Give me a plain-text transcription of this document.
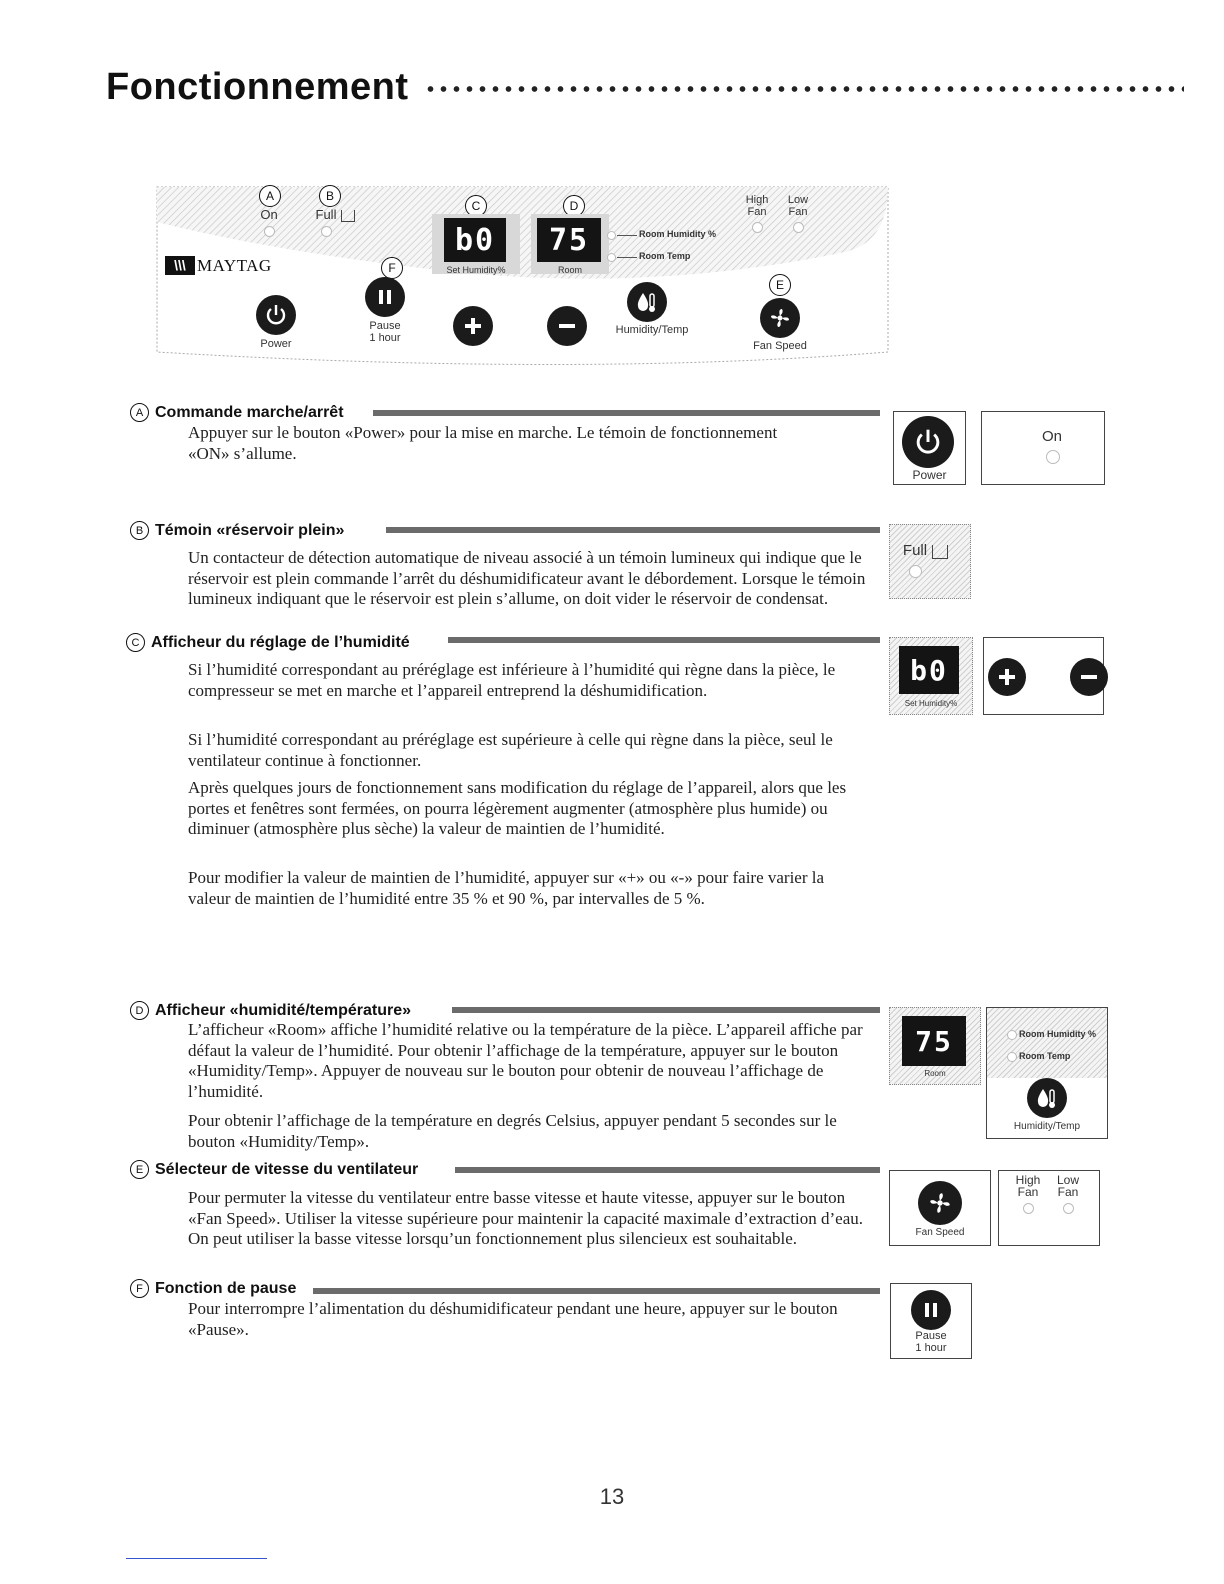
Fonctionnement
A	B
C	D
F
E
On	Full
High
Fan
Low
Fan
\\\ MAYTAG
b0
Set Humidity%
75
Room
Room Humidity %
Room Temp
Power
Pause
1 hour
Humidity/Temp
Fan Speed
A Commande marche/arrêt
Appuyer sur le bouton «Power» pour la mise en marche. Le témoin de fonctionnement «ON» s’allume.
Power
On
B Témoin «réservoir plein»
Un contacteur de détection automatique de niveau associé à un témoin lumineux qui indique que le réservoir est plein commande l’arrêt du déshumidificateur avant le débordement. Lorsque le témoin lumineux indiquant que le réservoir est plein s’allume, on doit vider le réservoir de condensat.
Full
C Afficheur du réglage de l’humidité
Si l’humidité correspondant au préréglage est inférieure à l’humidité qui règne dans la pièce, le compresseur se met en marche et l’appareil entreprend la déshumidification.
Si l’humidité correspondant au préréglage est supérieure à celle qui règne dans la pièce, seul le ventilateur continue à fonctionner.
Après quelques jours de fonctionnement sans modification du réglage de l’appareil, alors que les portes et fenêtres sont fermées, on pourra légèrement augmenter (atmosphère plus humide) ou diminuer (atmosphère plus sèche) la valeur de maintien de l’humidité.
Pour modifier la valeur de maintien de l’humidité, appuyer sur «+» ou «-» pour faire varier la valeur de maintien de l’humidité entre 35 % et 90 %, par intervalles de 5 %.
b0
Set Humidity%
D Afficheur «humidité/température»
L’afficheur «Room» affiche l’humidité relative ou la température de la pièce. L’appareil affiche par défaut la valeur de l’humidité. Pour obtenir l’affichage de la température, appuyer sur le bouton «Humidity/Temp». Appuyer de nouveau sur le bouton pour obtenir de nouveau l’affichage de l’humidité.
Pour obtenir l’affichage de la température en degrés Celsius, appuyer pendant 5 secondes sur le bouton «Humidity/Temp».
75
Room
Room Humidity %
Room Temp
Humidity/Temp
E Sélecteur de vitesse du ventilateur
Pour permuter la vitesse du ventilateur entre basse vitesse et haute vitesse, appuyer sur le bouton «Fan Speed». Utiliser la vitesse supérieure pour maintenir la capacité maximale d’extraction d’eau. On peut utiliser la basse vitesse lorsqu’un fonctionnement plus silencieux est souhaitable.	Fan Speed
High
Fan
Low
Fan
F Fonction de pause
Pour interrompre l’alimentation du déshumidificateur pendant une heure, appuyer sur le bouton «Pause».	Pause
1 hour
13
